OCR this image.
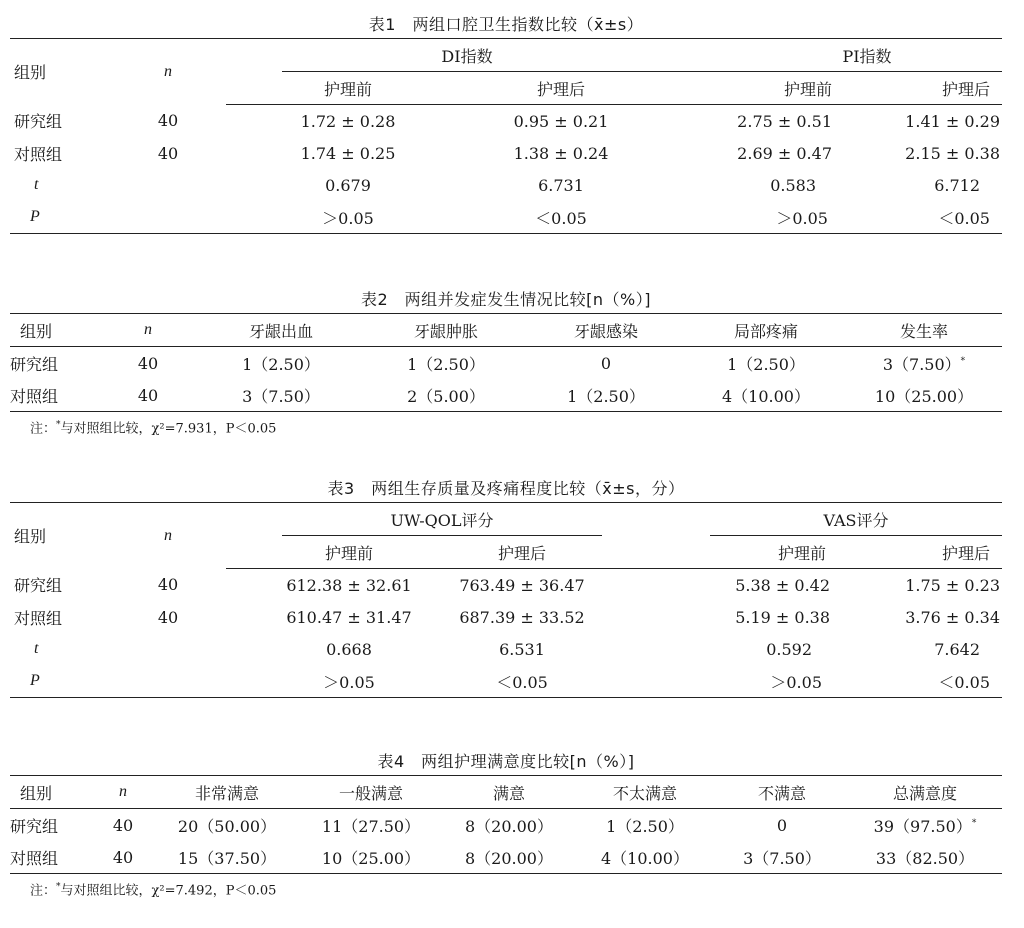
表1　两组口腔卫生指数比较（x̄±s）
组别	n		DI指数		PI指数	
		护理前		护理后	护理前	护理后
研究组	40	1.72 ± 0.28		0.95 ± 0.21	2.75 ± 0.51	1.41 ± 0.29
对照组	40	1.74 ± 0.25		1.38 ± 0.24	2.69 ± 0.47	2.15 ± 0.38
t		0.679		6.731	0.583	6.712
P		＞0.05		＜0.05	＞0.05	＜0.05
表2　两组并发症发生情况比较[n（%）]
组别	n	牙龈出血	牙龈肿胀	牙龈感染	局部疼痛	发生率
研究组	40	1（2.50）	1（2.50）	0	1（2.50）	3（7.50）*
对照组	40	3（7.50）	2（5.00）	1（2.50）	4（10.00）	10（25.00）
注：*与对照组比较，χ²=7.931，P＜0.05
表3　两组生存质量及疼痛程度比较（x̄±s，分）
组别	n		UW-QOL评分			VAS评分	
		护理前		护理后	护理前		护理后
研究组	40	612.38 ± 32.61		763.49 ± 36.47	5.38 ± 0.42		1.75 ± 0.23
对照组	40	610.47 ± 31.47		687.39 ± 33.52	5.19 ± 0.38		3.76 ± 0.34
t		0.668		6.531	0.592		7.642
P		＞0.05		＜0.05	＞0.05		＜0.05
表4　两组护理满意度比较[n（%）]
组别	n	非常满意	一般满意	满意	不太满意	不满意	总满意度
研究组	40	20（50.00）	11（27.50）	8（20.00）	1（2.50）	0	39（97.50）*
对照组	40	15（37.50）	10（25.00）	8（20.00）	4（10.00）	3（7.50）	33（82.50）
注：*与对照组比较，χ²=7.492，P＜0.05
